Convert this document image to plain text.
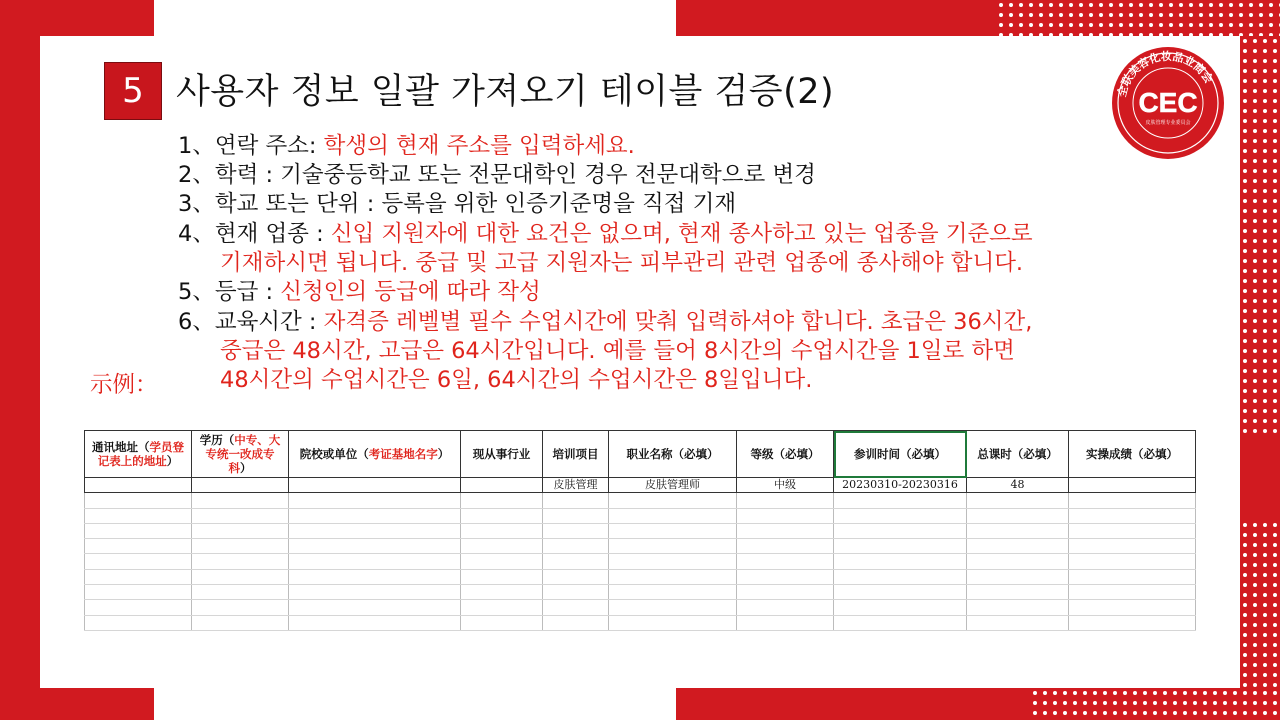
5 사용자 정보 일괄 가져오기 테이블 검증(2)	全联美容化妆品业商会
CEC
皮肤管理专业委员会
1、연락 주소: 학생의 현재 주소를 입력하세요.
2、학력 : 기술중등학교 또는 전문대학인 경우 전문대학으로 변경
3、학교 또는 단위 : 등록을 위한 인증기준명을 직접 기재
4、현재 업종 : 신입 지원자에 대한 요건은 없으며, 현재 종사하고 있는 업종을 기준으로
기재하시면 됩니다. 중급 및 고급 지원자는 피부관리 관련 업종에 종사해야 합니다.
5、등급 : 신청인의 등급에 따라 작성
6、교육시간 : 자격증 레벨별 필수 수업시간에 맞춰 입력하셔야 합니다. 초급은 36시간,
중급은 48시간, 고급은 64시간입니다. 예를 들어 8시간의 수업시간을 1일로 하면
48시간의 수업시간은 6일, 64시간의 수업시간은 8일입니다.
示例：
通讯地址（学员登记表上的地址）	学历（中专、大专统一改成专科）	院校或单位（考证基地名字）	现从事行业	培训项目	职业名称（必填）	等级（必填）	参训时间（必填）	总课时（必填）	实操成绩（必填）
				皮肤管理	皮肤管理师	中级	20230310-20230316	48	
